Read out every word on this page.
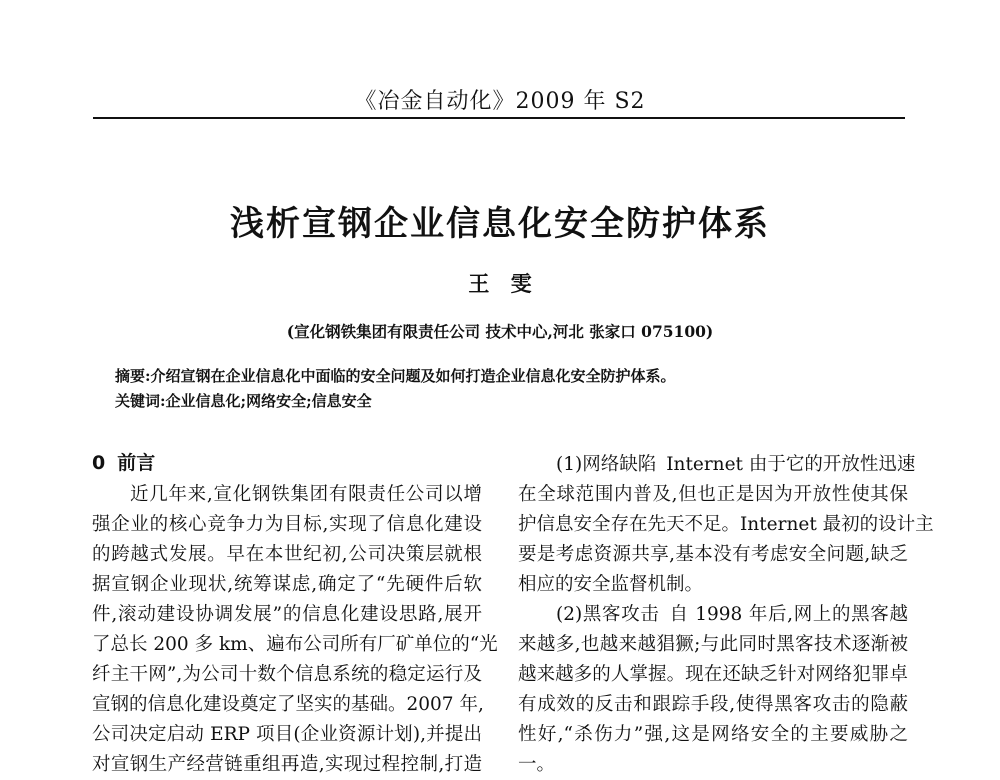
《冶金自动化》2009 年 S2
浅析宣钢企业信息化安全防护体系
王 雯
(宣化钢铁集团有限责任公司 技术中心,河北 张家口 075100)
摘要:介绍宣钢在企业信息化中面临的安全问题及如何打造企业信息化安全防护体系。
关键词:企业信息化;网络安全;信息安全
0 前言
近几年来,宣化钢铁集团有限责任公司以增
强企业的核心竞争力为目标,实现了信息化建设
的跨越式发展。早在本世纪初,公司决策层就根
据宣钢企业现状,统筹谋虑,确定了“先硬件后软
件,滚动建设协调发展”的信息化建设思路,展开
了总长 200 多 km、遍布公司所有厂矿单位的“光
纤主干网”,为公司十数个信息系统的稳定运行及
宣钢的信息化建设奠定了坚实的基础。2007 年,
公司决定启动 ERP 项目(企业资源计划),并提出
对宣钢生产经营链重组再造,实现过程控制,打造
(1)网络缺陷 Internet 由于它的开放性迅速
在全球范围内普及,但也正是因为开放性使其保
护信息安全存在先天不足。Internet 最初的设计主
要是考虑资源共享,基本没有考虑安全问题,缺乏
相应的安全监督机制。
(2)黑客攻击 自 1998 年后,网上的黑客越
来越多,也越来越猖獗;与此同时黑客技术逐渐被
越来越多的人掌握。现在还缺乏针对网络犯罪卓
有成效的反击和跟踪手段,使得黑客攻击的隐蔽
性好,“杀伤力”强,这是网络安全的主要威胁之
一。
